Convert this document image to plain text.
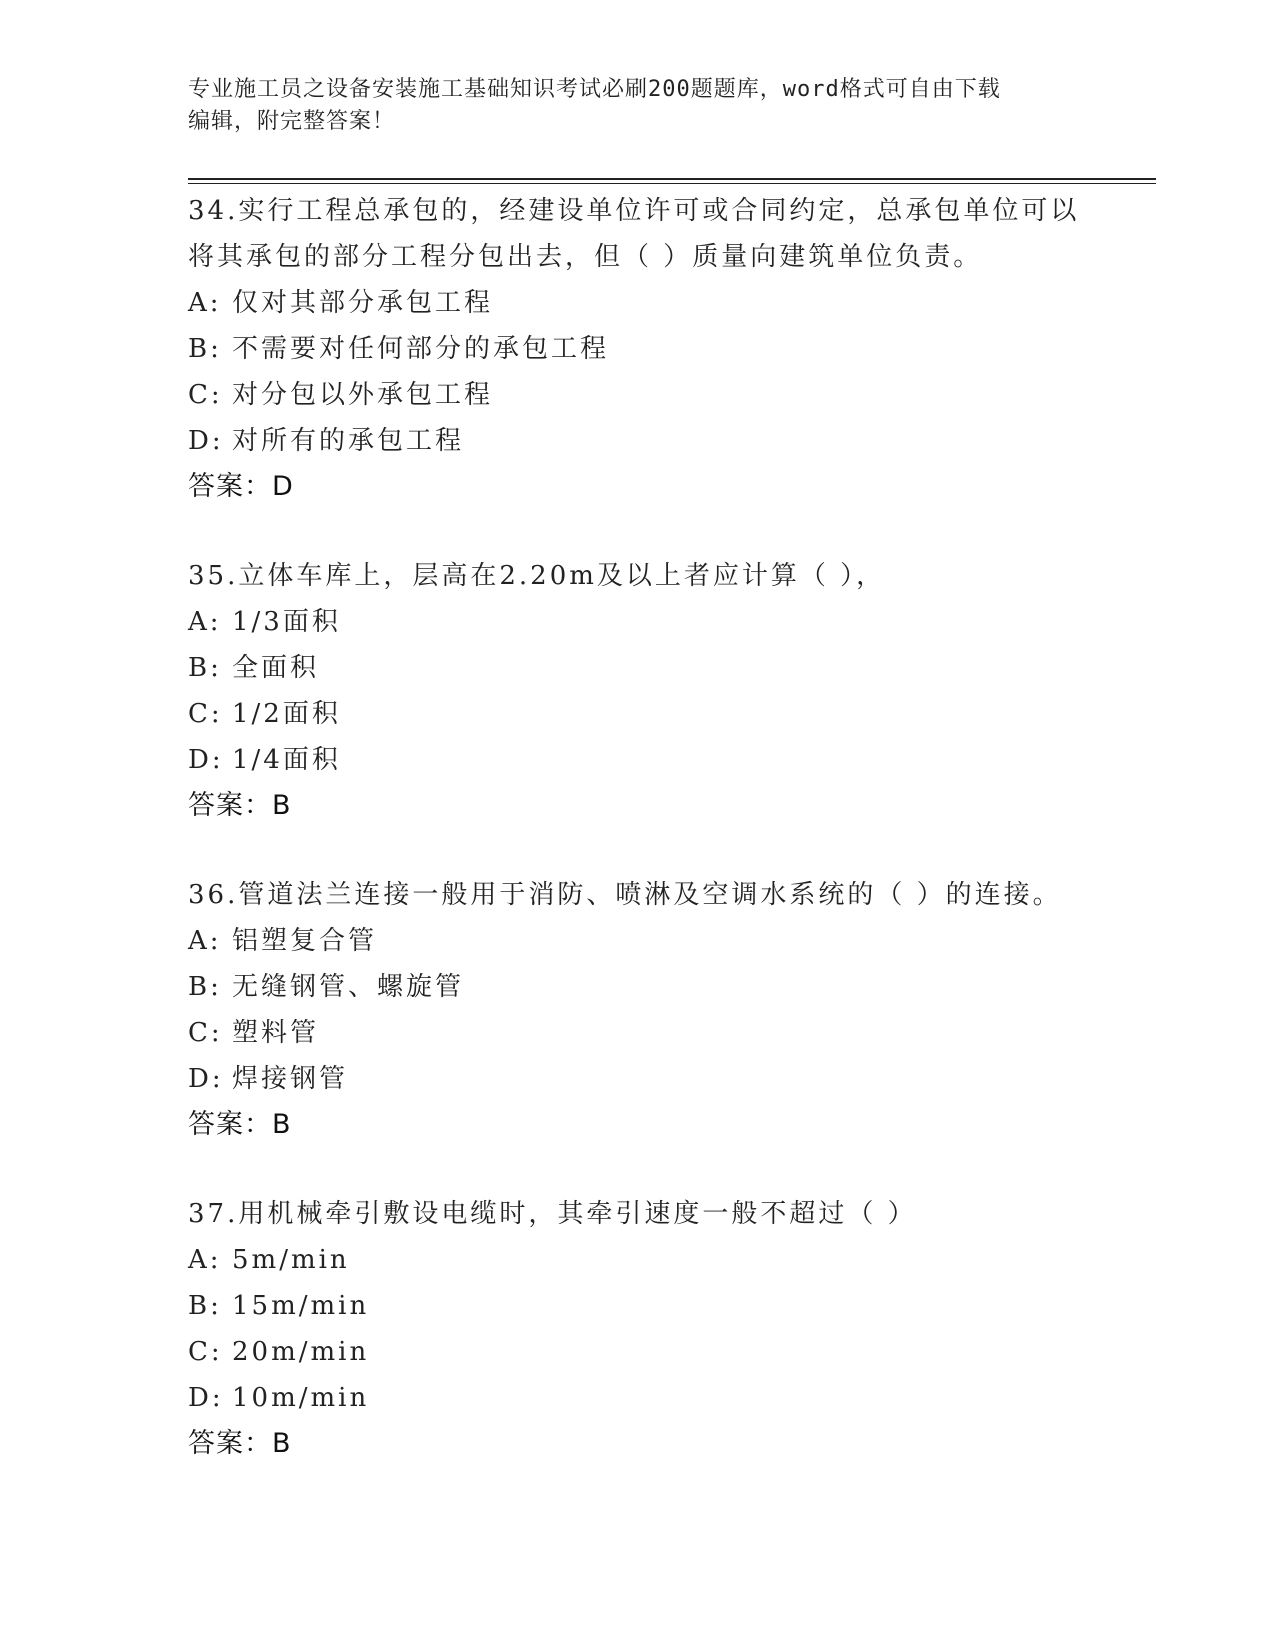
专业施工员之设备安装施工基础知识考试必刷200题题库，word格式可自由下载
编辑，附完整答案！

34.实行工程总承包的，经建设单位许可或合同约定，总承包单位可以

将其承包的部分工程分包出去，但（ ）质量向建筑单位负责。

A: 仅对其部分承包工程

B: 不需要对任何部分的承包工程

C: 对分包以外承包工程

D: 对所有的承包工程

答案：D

35.立体车库上，层高在2.20m及以上者应计算（ ），

A: 1/3面积

B: 全面积

C: 1/2面积

D: 1/4面积

答案：B

36.管道法兰连接一般用于消防、喷淋及空调水系统的（ ）的连接。

A: 铝塑复合管

B: 无缝钢管、螺旋管

C: 塑料管

D: 焊接钢管

答案：B

37.用机械牵引敷设电缆时，其牵引速度一般不超过（ ）

A: 5m/min

B: 15m/min

C: 20m/min

D: 10m/min

答案：B
